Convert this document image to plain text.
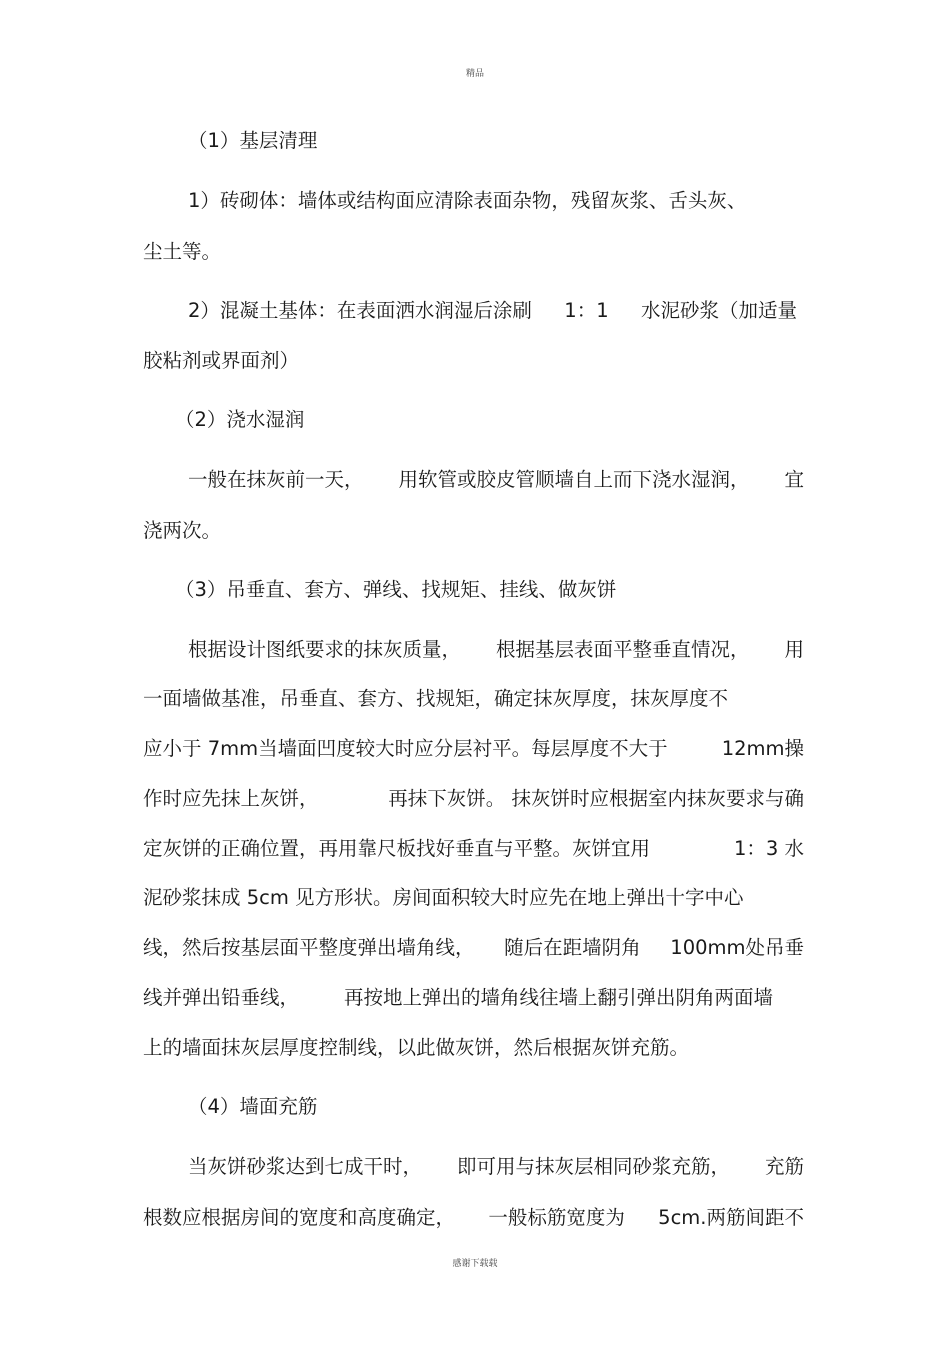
精品
（1）基层清理
1）砖砌体：墙体或结构面应清除表面杂物，残留灰浆、舌头灰、
尘土等。
2）混凝土基体：在表面洒水润湿后涂刷 1：1 水泥砂浆（加适量
胶粘剂或界面剂）
（2）浇水湿润
一般在抹灰前一天， 用软管或胶皮管顺墙自上而下浇水湿润， 宜
浇两次。
（3）吊垂直、套方、弹线、找规矩、挂线、做灰饼
根据设计图纸要求的抹灰质量， 根据基层表面平整垂直情况， 用
一面墙做基准，吊垂直、套方、找规矩，确定抹灰厚度，抹灰厚度不
应小于 7mm当墙面凹度较大时应分层衬平。每层厚度不大于	12mm操
作时应先抹上灰饼，	再抹下灰饼。 抹灰饼时应根据室内抹灰要求与确
定灰饼的正确位置，再用靠尺板找好垂直与平整。灰饼宜用	1：3 水
泥砂浆抹成 5cm 见方形状。房间面积较大时应先在地上弹出十字中心
线，然后按基层面平整度弹出墙角线， 随后在距墙阴角 100mm处吊垂
线并弹出铅垂线， 再按地上弹出的墙角线往墙上翻引弹出阴角两面墙
上的墙面抹灰层厚度控制线，以此做灰饼，然后根据灰饼充筋。
（4）墙面充筋
当灰饼砂浆达到七成干时， 即可用与抹灰层相同砂浆充筋， 充筋
根数应根据房间的宽度和高度确定， 一般标筋宽度为 5cm.两筋间距不
感谢下载载
